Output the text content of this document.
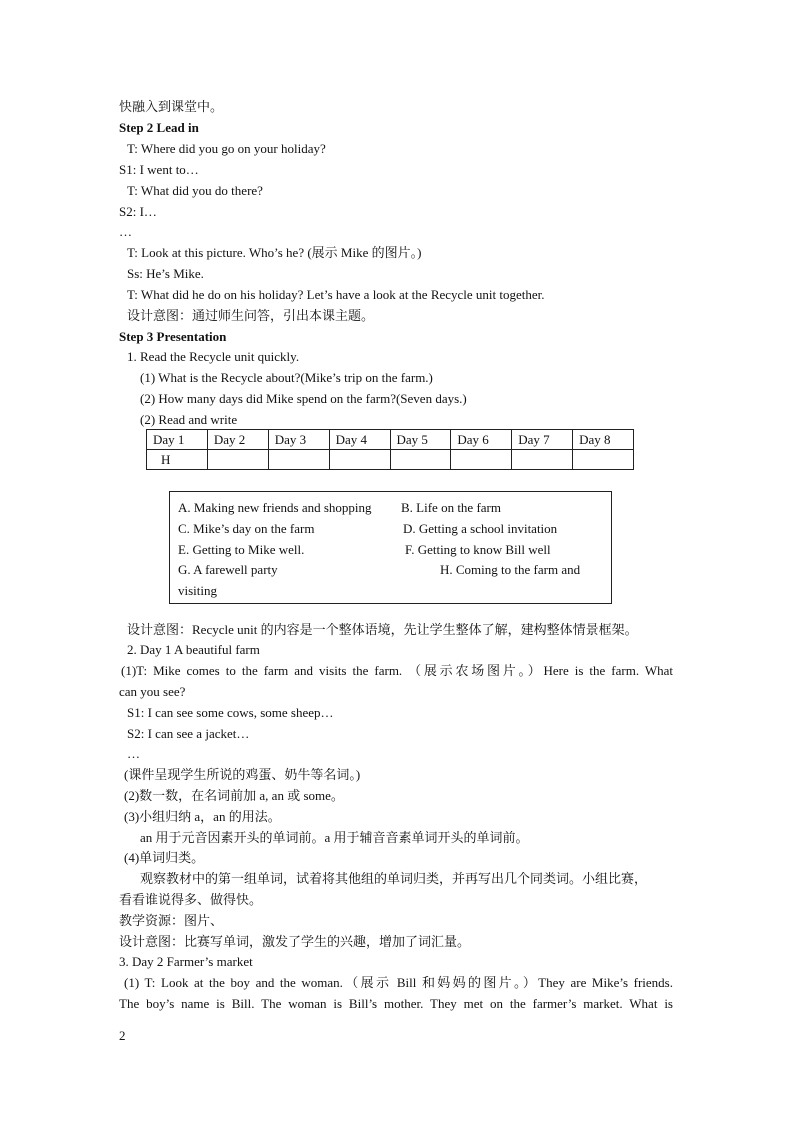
快融入到课堂中。
Step 2 Lead in
T: Where did you go on your holiday?
S1: I went to…
T: What did you do there?
S2: I…
…
T: Look at this picture. Who’s he? (展示 Mike 的图片。)
Ss: He’s Mike.
T: What did he do on his holiday? Let’s have a look at the Recycle unit together.
设计意图：通过师生问答，引出本课主题。
Step 3 Presentation
1. Read the Recycle unit quickly.
(1) What is the Recycle about?(Mike’s trip on the farm.)
(2) How many days did Mike spend on the farm?(Seven days.)
(2) Read and write
Day 1	Day 2	Day 3	Day 4	Day 5	Day 6	Day 7	Day 8
H							
A. Making new friends and shopping B. Life on the farm
C. Mike’s day on the farm	D. Getting a school invitation
E. Getting to Mike well.	F. Getting to know Bill well
G. A farewell party	H. Coming to the farm and
visiting
设计意图：Recycle unit 的内容是一个整体语境，先让学生整体了解，建构整体情景框架。
2. Day 1 A beautiful farm
(1)T: Mike comes to the farm and visits the farm. （展示农场图片。）Here is the farm. What
can you see?
S1: I can see some cows, some sheep…
S2: I can see a jacket…
…
(课件呈现学生所说的鸡蛋、奶牛等名词。)
(2)数一数，在名词前加 a, an 或 some。
(3)小组归纳 a，an 的用法。
an 用于元音因素开头的单词前。a 用于辅音音素单词开头的单词前。
(4)单词归类。
观察教材中的第一组单词，试着将其他组的单词归类，并再写出几个同类词。小组比赛，
看看谁说得多、做得快。
教学资源：图片、
设计意图：比赛写单词，激发了学生的兴趣，增加了词汇量。
3. Day 2 Farmer’s market
(1) T: Look at the boy and the woman.（展示 Bill 和妈妈的图片。）They are Mike’s friends.
The boy’s name is Bill. The woman is Bill’s mother. They met on the farmer’s market. What is
2
